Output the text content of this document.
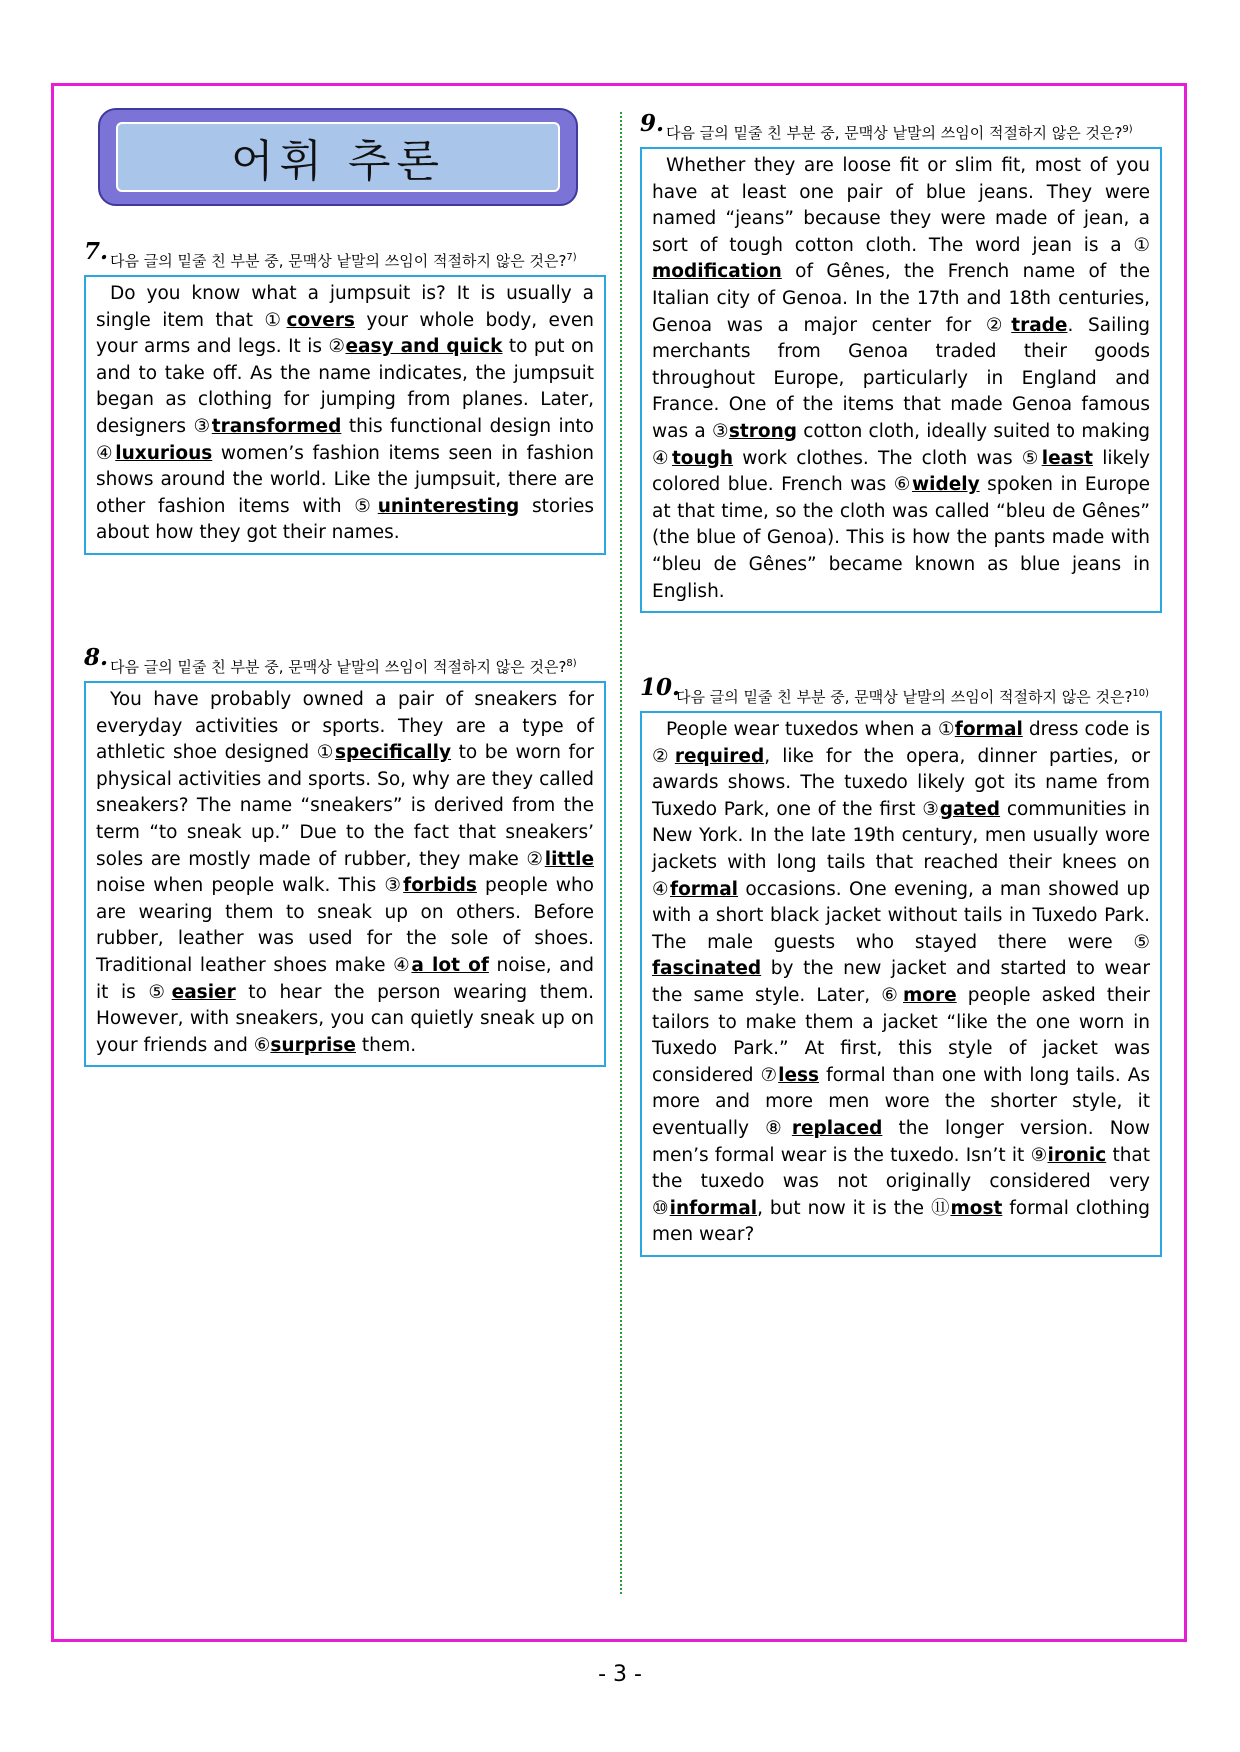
어휘 추론
7. 다음 글의 밑줄 친 부분 중, 문맥상 낱말의 쓰임이 적절하지 않은 것은?$^{7)}$
Do you know what a jumpsuit is? It is usually a single item that ①covers your whole body, even your arms and legs. It is ②easy and quick to put on and to take off. As the name indicates, the jumpsuit began as clothing for jumping from planes. Later, designers ③transformed this functional design into ④luxurious women’s fashion items seen in fashion shows around the world. Like the jumpsuit, there are other fashion items with ⑤uninteresting stories about how they got their names.
8. 다음 글의 밑줄 친 부분 중, 문맥상 낱말의 쓰임이 적절하지 않은 것은?$^{8)}$
You have probably owned a pair of sneakers for everyday activities or sports. They are a type of athletic shoe designed ①specifically to be worn for physical activities and sports. So, why are they called sneakers? The name “sneakers” is derived from the term “to sneak up.” Due to the fact that sneakers’ soles are mostly made of rubber, they make ②little noise when people walk. This ③forbids people who are wearing them to sneak up on others. Before rubber, leather was used for the sole of shoes. Traditional leather shoes make ④a lot of noise, and it is ⑤easier to hear the person wearing them. However, with sneakers, you can quietly sneak up on your friends and ⑥surprise them.
9. 다음 글의 밑줄 친 부분 중, 문맥상 낱말의 쓰임이 적절하지 않은 것은?$^{9)}$
Whether they are loose fit or slim fit, most of you have at least one pair of blue jeans. They were named “jeans” because they were made of jean, a sort of tough cotton cloth. The word jean is a ① modification of Gênes, the French name of the Italian city of Genoa. In the 17th and 18th centuries, Genoa was a major center for ②trade. Sailing merchants from Genoa traded their goods throughout Europe, particularly in England and France. One of the items that made Genoa famous was a ③strong cotton cloth, ideally suited to making ④tough work clothes. The cloth was ⑤least likely colored blue. French was ⑥widely spoken in Europe at that time, so the cloth was called “bleu de Gênes” (the blue of Genoa). This is how the pants made with “bleu de Gênes” became known as blue jeans in English.
10.
다음 글의 밑줄 친 부분 중, 문맥상 낱말의 쓰임이 적절하지 않은 것은?$^{10)}$
People wear tuxedos when a ①formal dress code is ②required, like for the opera, dinner parties, or awards shows. The tuxedo likely got its name from Tuxedo Park, one of the first ③gated communities in New York. In the late 19th century, men usually wore jackets with long tails that reached their knees on ④formal occasions. One evening, a man showed up with a short black jacket without tails in Tuxedo Park. The male guests who stayed there were ⑤ fascinated by the new jacket and started to wear the same style. Later, ⑥more people asked their tailors to make them a jacket “like the one worn in Tuxedo Park.” At first, this style of jacket was considered ⑦less formal than one with long tails. As more and more men wore the shorter style, it eventually ⑧replaced the longer version. Now men’s formal wear is the tuxedo. Isn’t it ⑨ironic that the tuxedo was not originally considered very ⑩informal, but now it is the ⑪most formal clothing men wear?
- 3 -
